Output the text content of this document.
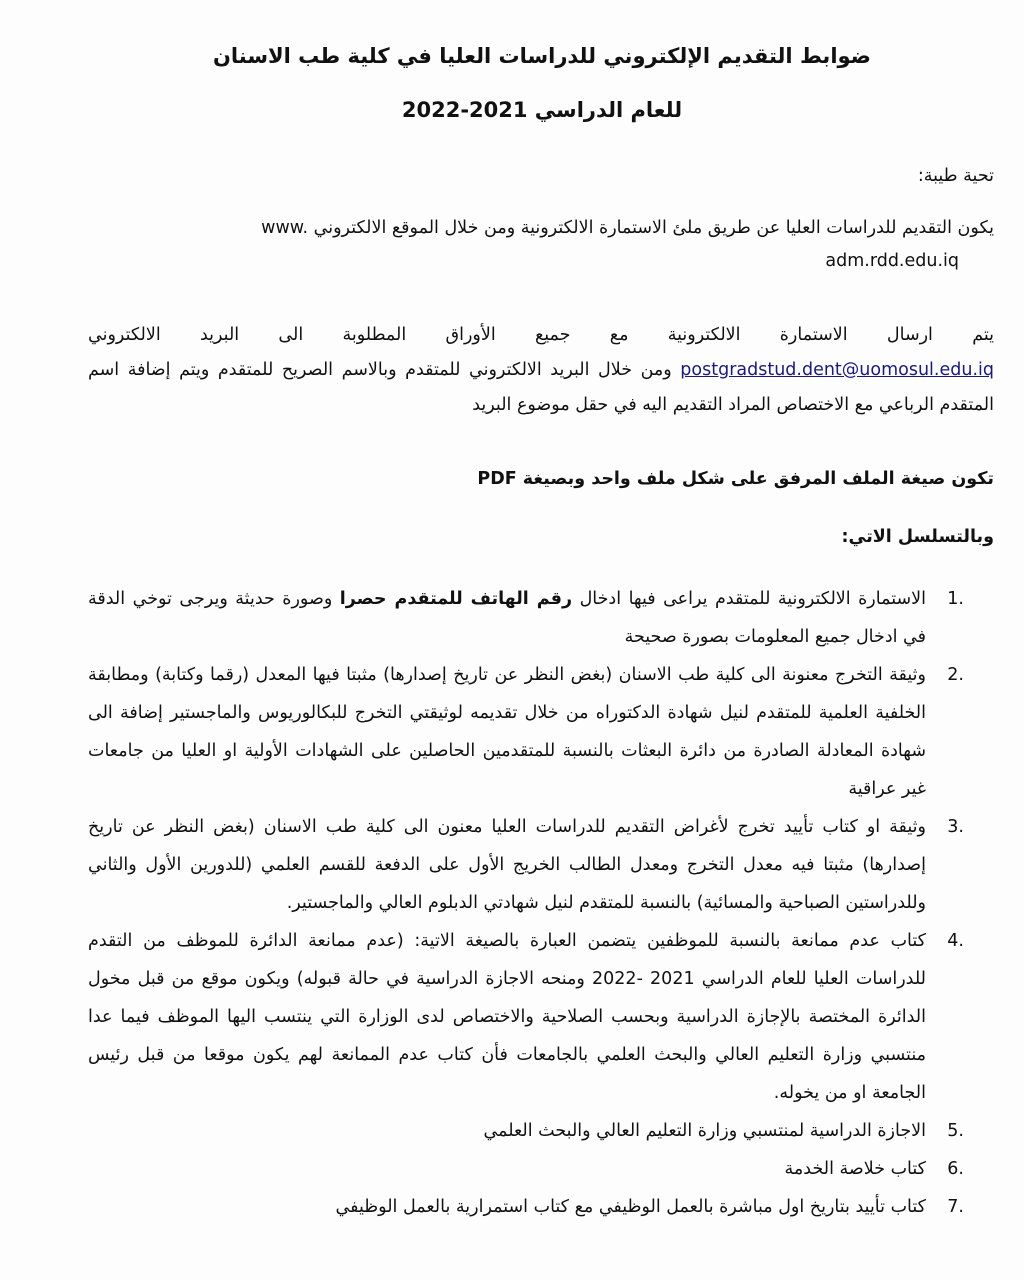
ضوابط التقديم الإلكتروني للدراسات العليا في كلية طب الاسنان
للعام الدراسي 2021-2022
تحية طيبة:
يكون التقديم للدراسات العليا عن طريق ملئ الاستمارة الالكترونية ومن خلال الموقع الالكتروني www.
adm.rdd.edu.iq
يتم ارسال الاستمارة الالكترونية مع جميع الأوراق المطلوبة الى البريد الالكتروني
postgradstud.dent@uomosul.edu.iq ومن خلال البريد الالكتروني للمتقدم وبالاسم الصريح للمتقدم ويتم إضافة اسم المتقدم الرباعي مع الاختصاص المراد التقديم اليه في حقل موضوع البريد
تكون صيغة الملف المرفق على شكل ملف واحد وبصيغة PDF
وبالتسلسل الاتي:
1.
الاستمارة الالكترونية للمتقدم يراعى فيها ادخال رقم الهاتف للمتقدم حصرا وصورة حديثة ويرجى توخي الدقة في ادخال جميع المعلومات بصورة صحيحة
2.
وثيقة التخرج معنونة الى كلية طب الاسنان (بغض النظر عن تاريخ إصدارها) مثبتا فيها المعدل (رقما وكتابة) ومطابقة الخلفية العلمية للمتقدم لنيل شهادة الدكتوراه من خلال تقديمه لوثيقتي التخرج للبكالوريوس والماجستير إضافة الى شهادة المعادلة الصادرة من دائرة البعثات بالنسبة للمتقدمين الحاصلين على الشهادات الأولية او العليا من جامعات غير عراقية
3.
وثيقة او كتاب تأييد تخرج لأغراض التقديم للدراسات العليا معنون الى كلية طب الاسنان (بغض النظر عن تاريخ إصدارها) مثبتا فيه معدل التخرج ومعدل الطالب الخريج الأول على الدفعة للقسم العلمي (للدورين الأول والثاني وللدراستين الصباحية والمسائية) بالنسبة للمتقدم لنيل شهادتي الدبلوم العالي والماجستير.
4.
كتاب عدم ممانعة بالنسبة للموظفين يتضمن العبارة بالصيغة الاتية: (عدم ممانعة الدائرة للموظف من التقدم للدراسات العليا للعام الدراسي 2021 -2022 ومنحه الاجازة الدراسية في حالة قبوله) ويكون موقع من قبل مخول الدائرة المختصة بالإجازة الدراسية وبحسب الصلاحية والاختصاص لدى الوزارة التي ينتسب اليها الموظف فيما عدا منتسبي وزارة التعليم العالي والبحث العلمي بالجامعات فأن كتاب عدم الممانعة لهم يكون موقعا من قبل رئيس الجامعة او من يخوله.
5.
الاجازة الدراسية لمنتسبي وزارة التعليم العالي والبحث العلمي
6.
كتاب خلاصة الخدمة
7.
كتاب تأييد بتاريخ اول مباشرة بالعمل الوظيفي مع كتاب استمرارية بالعمل الوظيفي
